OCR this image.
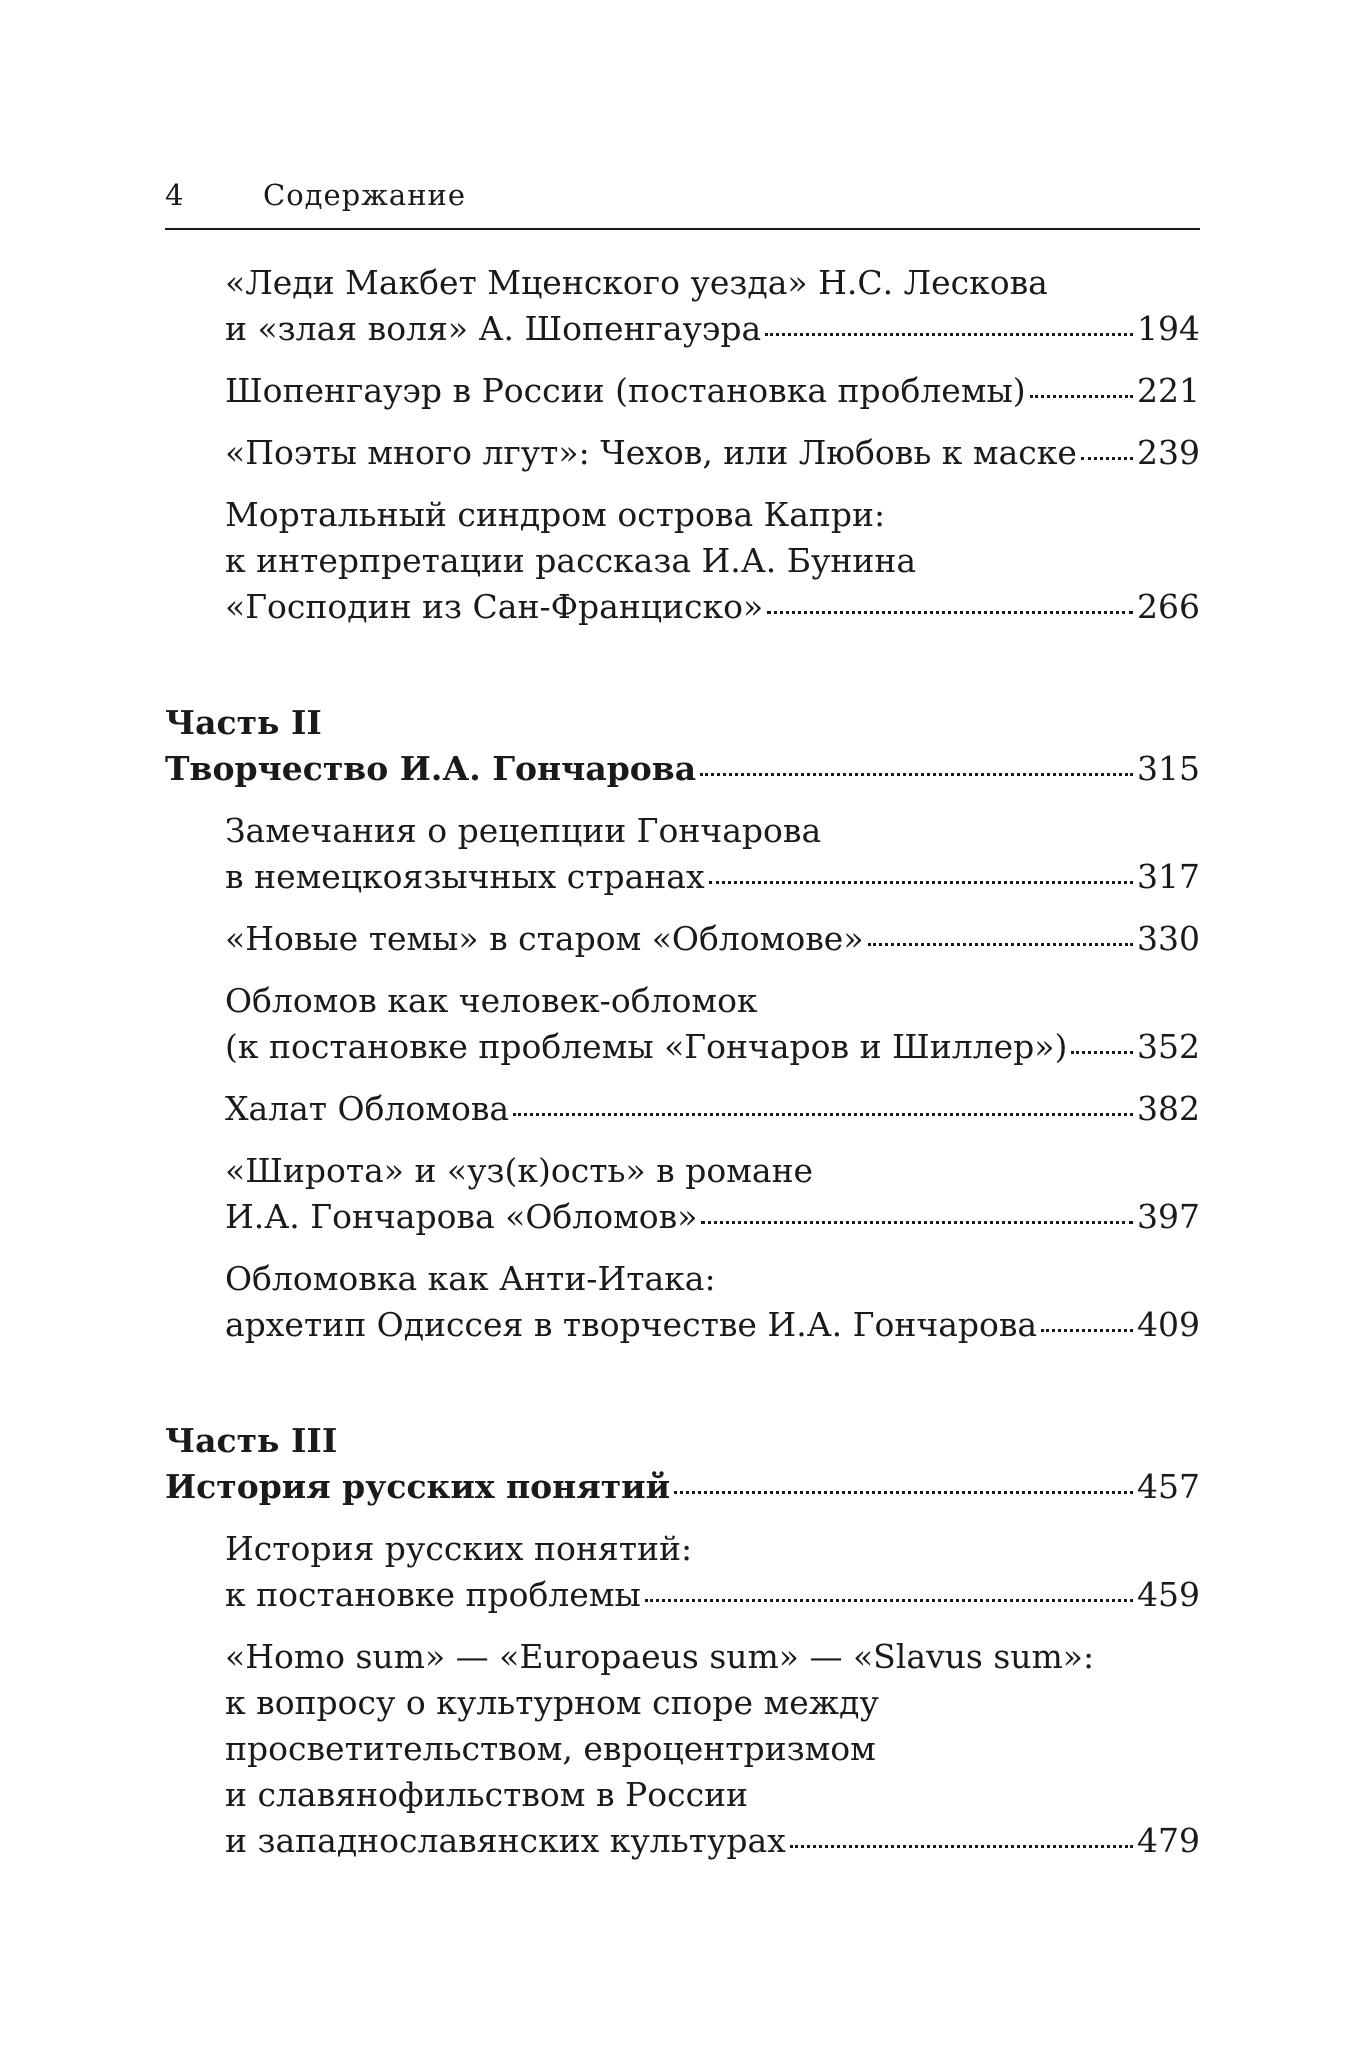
4	Содержание
«Леди Макбет Мценского уезда» Н.С. Лескова
и «злая воля» А. Шопенгауэра	194
Шопенгауэр в России (постановка проблемы)	221
«Поэты много лгут»: Чехов, или Любовь к маске 239
Мортальный синдром острова Капри:
к интерпретации рассказа И.А. Бунина
«Господин из Сан-Франциско»	266
Часть II
Творчество И.А. Гончарова	315
Замечания о рецепции Гончарова
в немецкоязычных странах	317
«Новые темы» в старом «Обломове»	330
Обломов как человек-обломок
(к постановке проблемы «Гончаров и Шиллер») 352
Халат Обломова	382
«Широта» и «уз(к)ость» в романе
И.А. Гончарова «Обломов»	397
Обломовка как Анти-Итака:
архетип Одиссея в творчестве И.А. Гончарова	409
Часть III
История русских понятий	457
История русских понятий:
к постановке проблемы	459
«Homo sum» — «Europaeus sum» — «Slavus sum»:
к вопросу о культурном споре между
просветительством, евроцентризмом
и славянофильством в России
и западнославянских культурах	479
